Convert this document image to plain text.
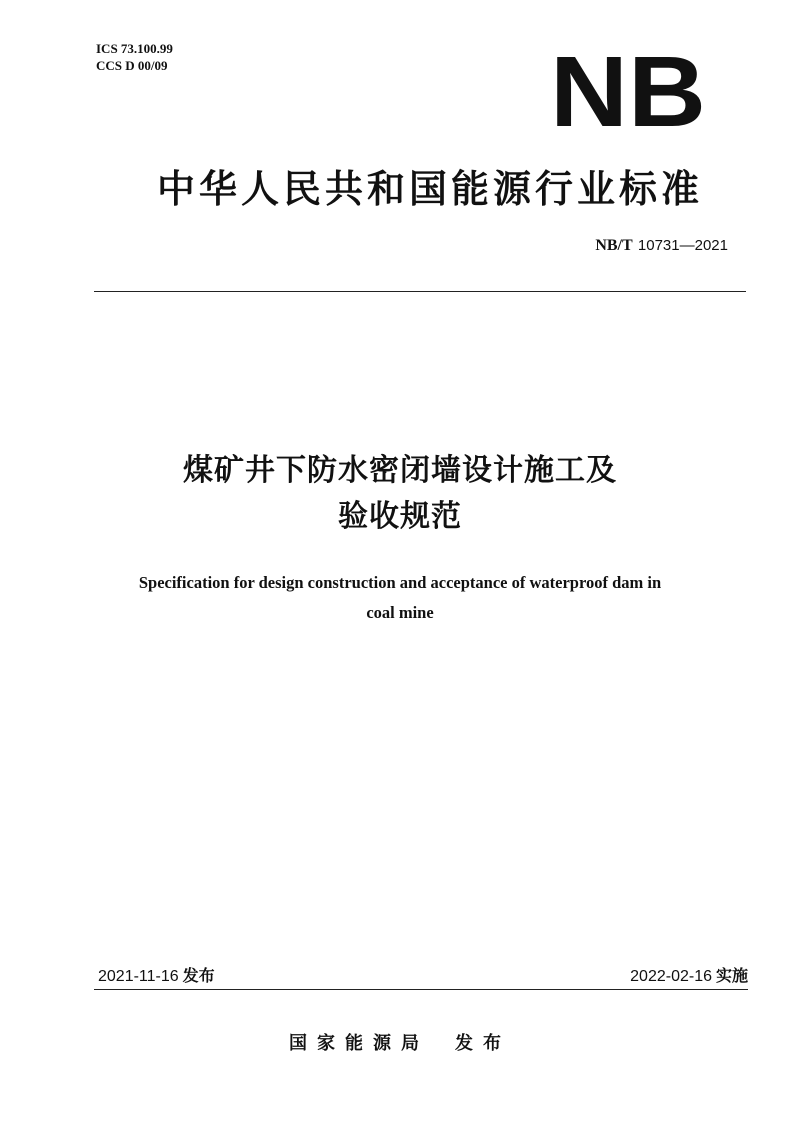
ICS 73.100.99
CCS D 00/09	NB
中华人民共和国能源行业标准
NB/T 10731—2021
煤矿井下防水密闭墙设计施工及
验收规范
Specification for design construction and acceptance of waterproof dam in
coal mine
2021-11-16 发布	2022-02-16 实施
国家能源局 发布
